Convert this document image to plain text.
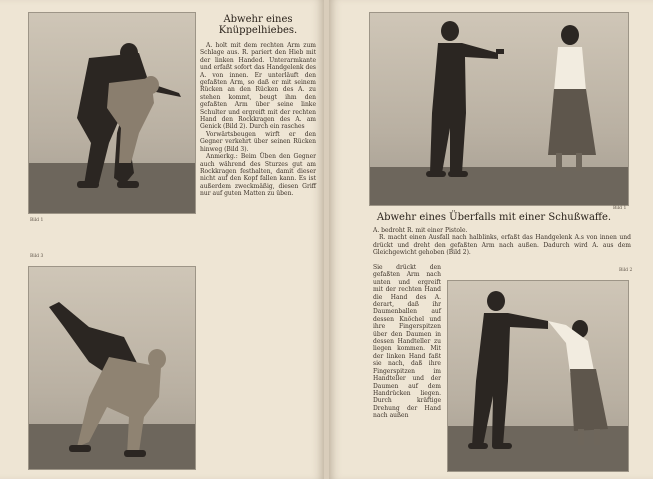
Bild 1
Bild 3
Abwehr eines Knüppelhiebes.

A. holt mit dem rechten Arm zum Schlage aus. R. pariert den Hieb mit der linken Handed. Unterarmkante und erfaßt sofort das Handgelenk des A. von innen. Er unterläuft den gefaßten Arm, so daß er mit seinem Rücken an den Rücken des A. zu stehen kommt, beugt ihm den gefaßten Arm über seine linke Schulter und ergreift mit der rechten Hand den Rockkragen des A. am Genick (Bild 2). Durch ein rasches

Vorwärtsbeugen wirft er den Gegner verkehrt über seinen Rücken hinweg (Bild 3).

Anmerkg.: Beim Üben den Gegner auch während des Sturzes gut am Rockkragen festhalten, damit dieser nicht auf den Kopf fallen kann. Es ist außerdem zweckmäßig, diesen Griff nur auf guten Matten zu üben.

Bild 1
Abwehr eines Überfalls mit einer Schußwaffe.

A. bedroht R. mit einer Pistole.

R. macht einen Ausfall nach halblinks, erfaßt das Handgelenk A.s von innen und drückt und dreht den gefaßten Arm nach außen. Dadurch wird A. aus dem Gleichgewicht gehoben (Bild 2).

Bild 2

Sie drückt den gefaßten Arm nach unten und ergreift mit der rechten Hand die Hand des A. derart, daß ihr Daumenballen auf dessen Knöchel und ihre Fingerspitzen über den Daumen in dessen Handteller zu liegen kommen. Mit der linken Hand faßt sie nach, daß ihre Fingerspitzen im Handteller und der Daumen auf dem Handrücken liegen. Durch kräftige Drehung der Hand nach außen
